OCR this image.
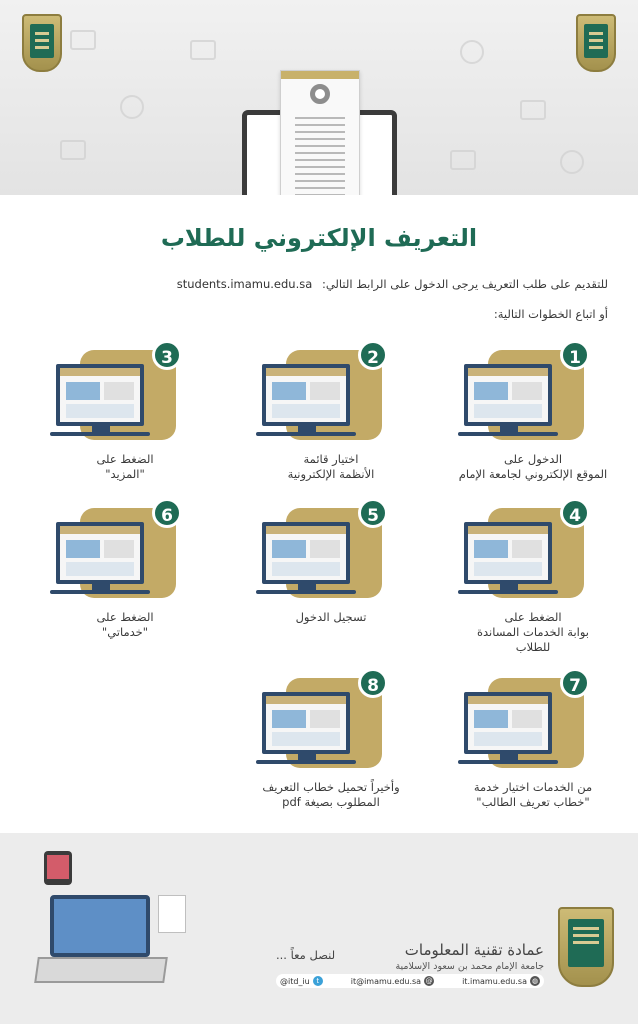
التعريف الإلكتروني للطلاب
للتقديم على طلب التعريف يرجى الدخول على الرابط التالي: students.imamu.edu.sa
أو اتباع الخطوات التالية:
3
الضغط على
"المزيد"
2
اختيار قائمة
الأنظمة الإلكترونية
1
الدخول على
الموقع الإلكتروني لجامعة الإمام
6
الضغط على
"خدماتي"
5
تسجيل الدخول
4
الضغط على
بوابة الخدمات المساندة للطلاب
8
وأخيراً تحميل خطاب التعريف
المطلوب بصيغة pdf
7
من الخدمات اختيار خدمة
"خطاب تعريف الطالب"
عمادة تقنية المعلومات
جامعة الإمام محمد بن سعود الإسلامية
لنصل معاً ...
@itd_iu t	it@imamu.edu.sa @	it.imamu.edu.sa ◍
